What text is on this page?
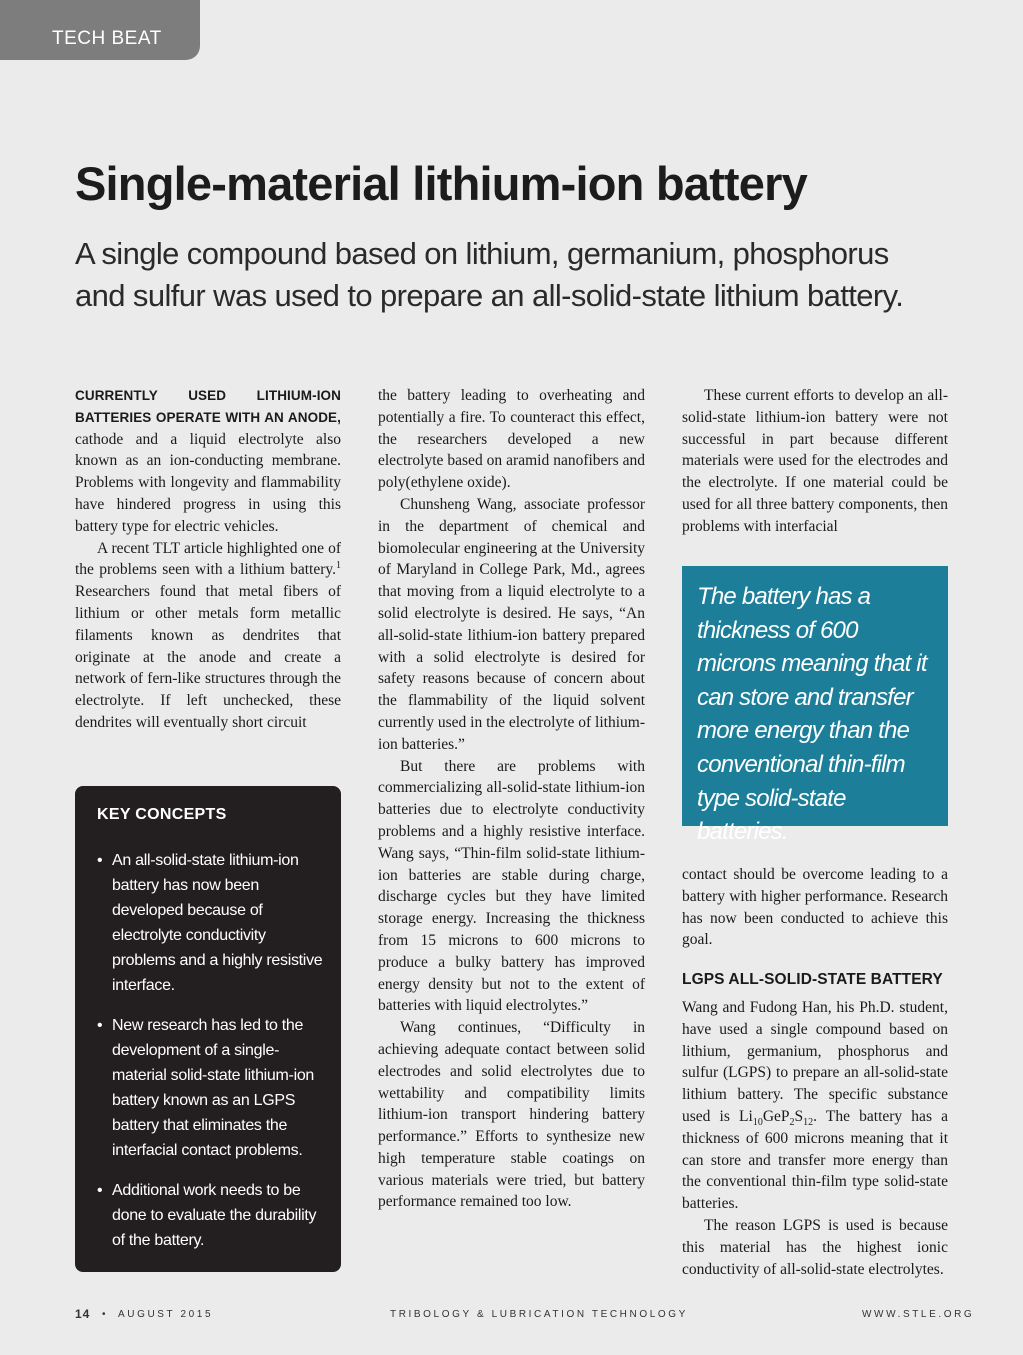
TECH BEAT
Single-material lithium-ion battery

A single compound based on lithium, germanium, phosphorus and sulfur was used to prepare an all-solid-state lithium battery.

CURRENTLY USED LITHIUM-ION BATTERIES OPERATE WITH AN ANODE, cathode and a liquid electrolyte also known as an ion-conducting membrane. Problems with longevity and flammability have hindered progress in using this battery type for electric vehicles.

A recent TLT article highlighted one of the problems seen with a lithium battery.$^1$ Researchers found that metal fibers of lithium or other metals form metallic filaments known as dendrites that originate at the anode and create a network of fern-like structures through the electrolyte. If left unchecked, these dendrites will eventually short circuit

KEY CONCEPTS
• An all-solid-state lithium-ion battery has now been developed because of electrolyte conductivity problems and a highly resistive interface.
• New research has led to the development of a single-material solid-state lithium-ion battery known as an LGPS battery that eliminates the interfacial contact problems.
• Additional work needs to be done to evaluate the durability of the battery.

the battery leading to overheating and potentially a fire. To counteract this effect, the researchers developed a new electrolyte based on aramid nanofibers and poly(ethylene oxide).

Chunsheng Wang, associate professor in the department of chemical and biomolecular engineering at the University of Maryland in College Park, Md., agrees that moving from a liquid electrolyte to a solid electrolyte is desired. He says, “An all-solid-state lithium-ion battery prepared with a solid electrolyte is desired for safety reasons because of concern about the flammability of the liquid solvent currently used in the electrolyte of lithium-ion batteries.”

But there are problems with commercializing all-solid-state lithium-ion batteries due to electrolyte conductivity problems and a highly resistive interface. Wang says, “Thin-film solid-state lithium-ion batteries are stable during charge, discharge cycles but they have limited storage energy. Increasing the thickness from 15 microns to 600 microns to produce a bulky battery has improved energy density but not to the extent of batteries with liquid electrolytes.”

Wang continues, “Difficulty in achieving adequate contact between solid electrodes and solid electrolytes due to wettability and compatibility limits lithium-ion transport hindering battery performance.” Efforts to synthesize new high temperature stable coatings on various materials were tried, but battery performance remained too low.

These current efforts to develop an all-solid-state lithium-ion battery were not successful in part because different materials were used for the electrodes and the electrolyte. If one material could be used for all three battery components, then problems with interfacial

The battery has a thickness of 600 microns meaning that it can store and transfer more energy than the conventional thin-film type solid-state batteries.

contact should be overcome leading to a battery with higher performance. Research has now been conducted to achieve this goal.

LGPS ALL-SOLID-STATE BATTERY

Wang and Fudong Han, his Ph.D. student, have used a single compound based on lithium, germanium, phosphorus and sulfur (LGPS) to prepare an all-solid-state lithium battery. The specific substance used is $Li_{10}GeP_2S_{12}$. The battery has a thickness of 600 microns meaning that it can store and transfer more energy than the conventional thin-film type solid-state batteries.

The reason LGPS is used is because this material has the highest ionic conductivity of all-solid-state electrolytes.

14 • AUGUST 2015	TRIBOLOGY & LUBRICATION TECHNOLOGY	WWW.STLE.ORG
